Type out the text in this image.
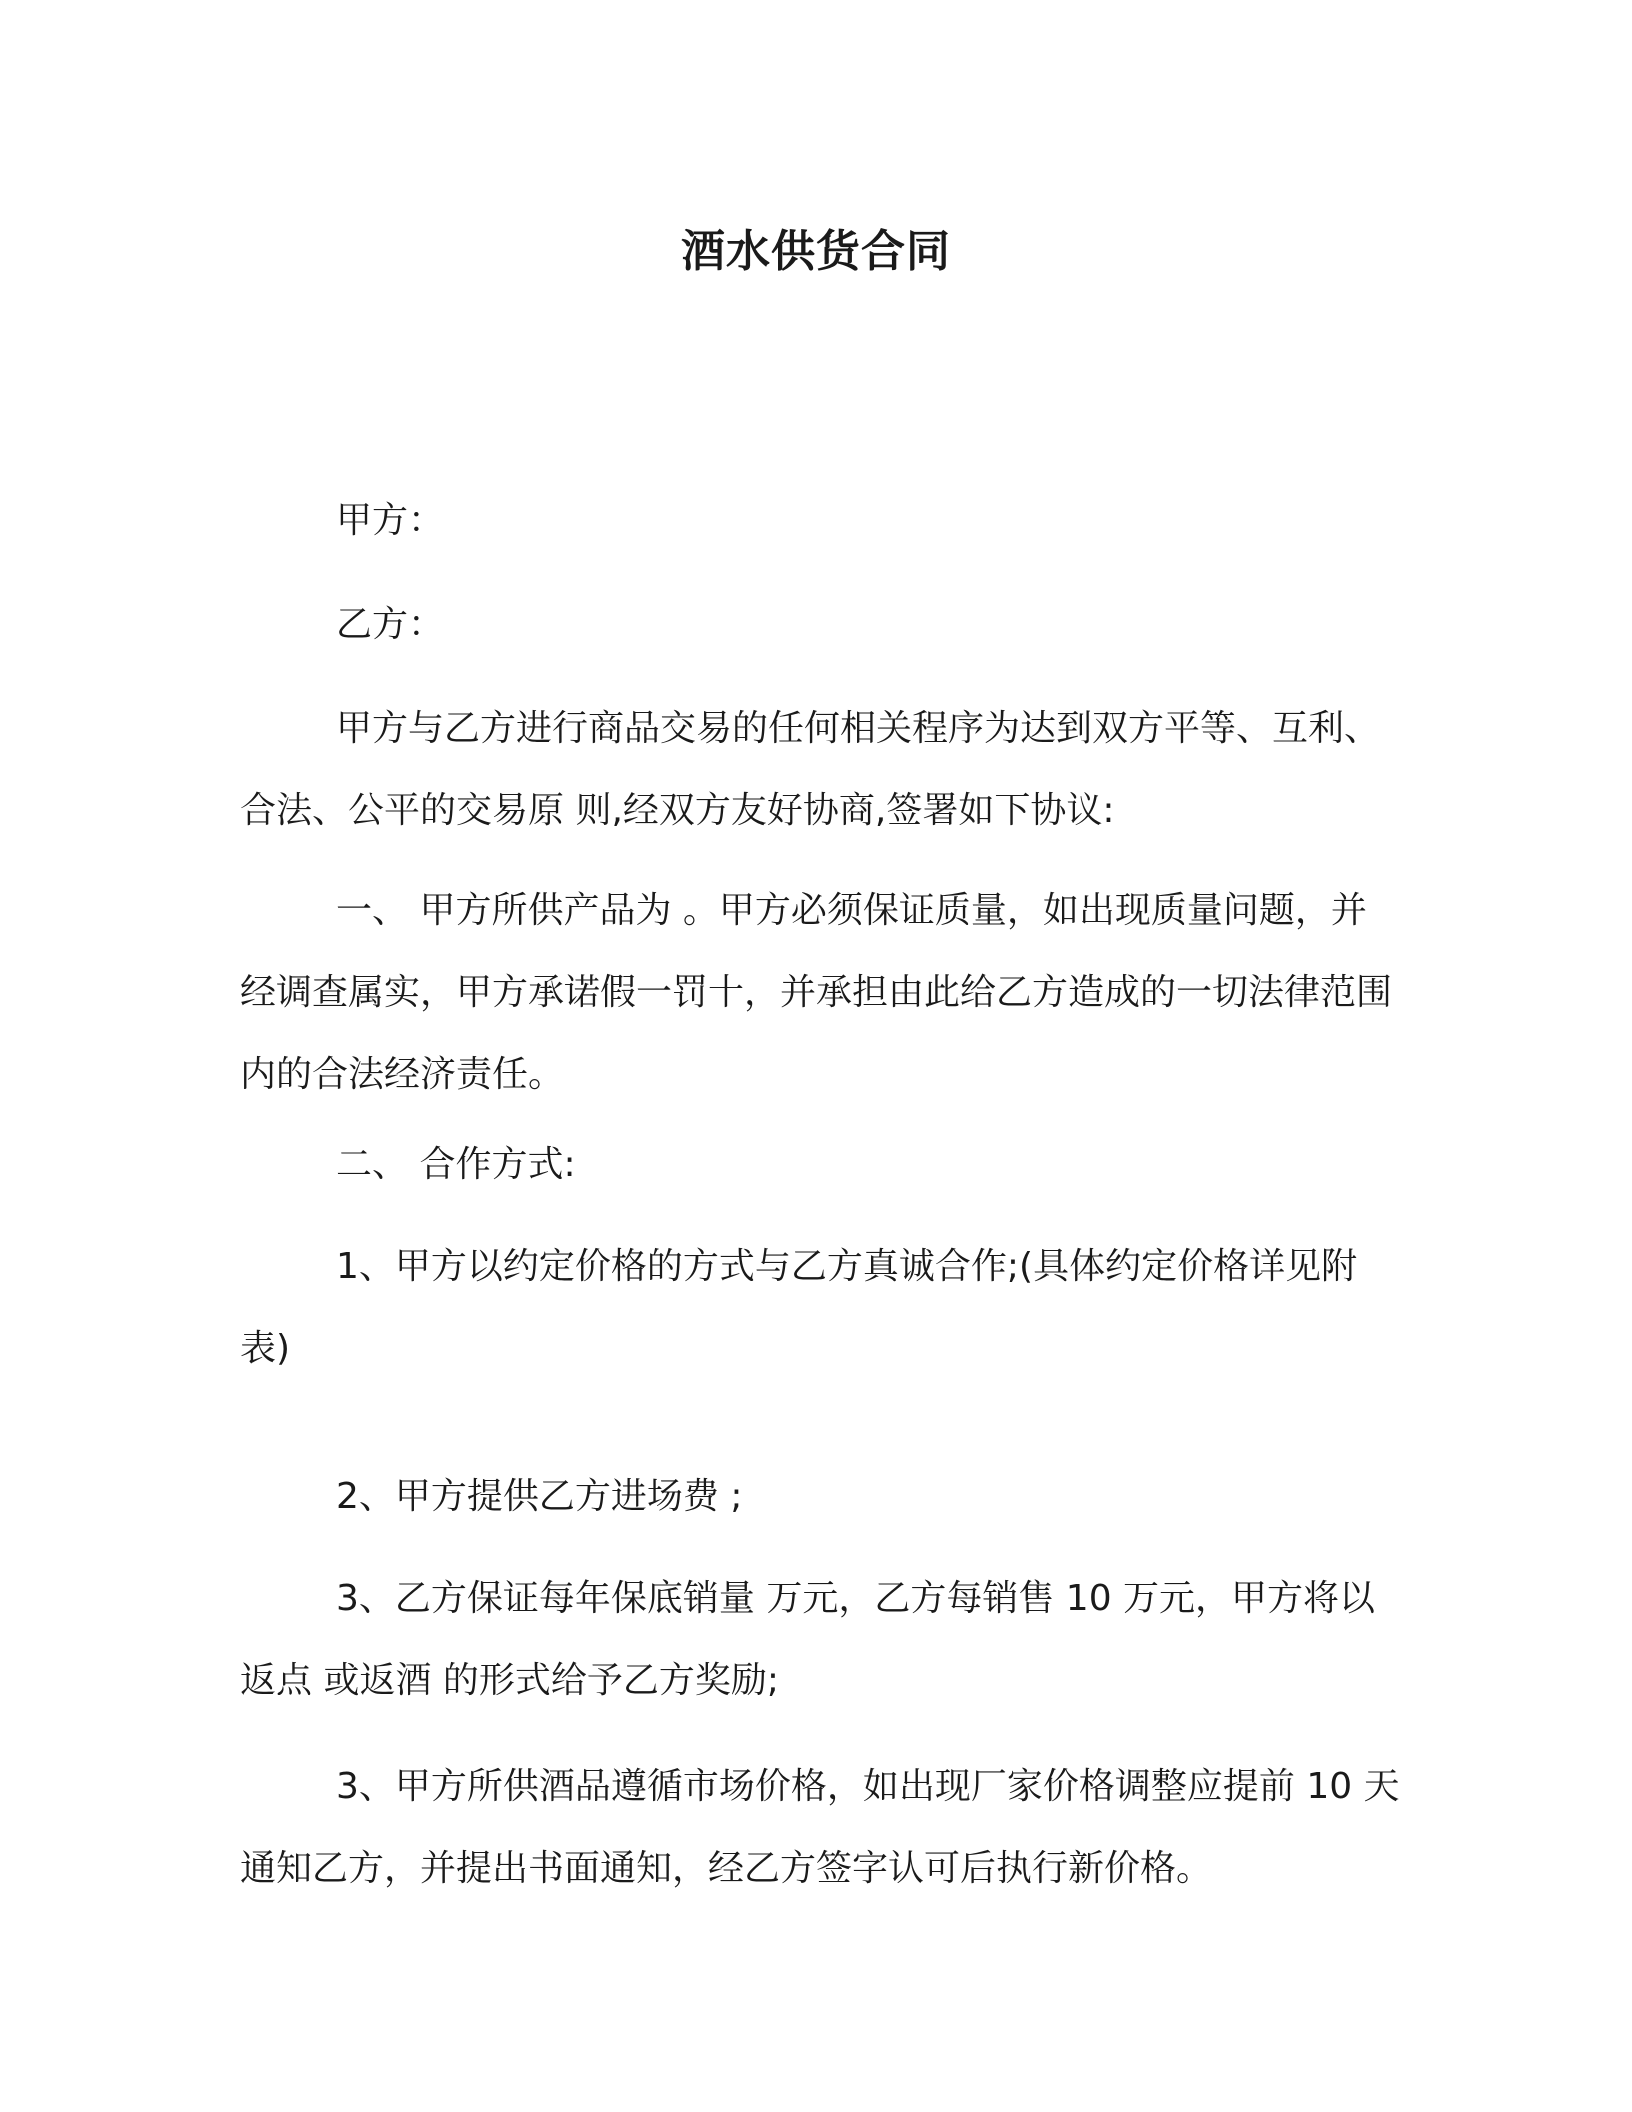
酒水供货合同

甲方：

乙方：

甲方与乙方进行商品交易的任何相关程序为达到双方平等、互利、合法、公平的交易原 则,经双方友好协商,签署如下协议:

一、 甲方所供产品为 。甲方必须保证质量，如出现质量问题，并经调查属实，甲方承诺假一罚十，并承担由此给乙方造成的一切法律范围内的合法经济责任。

二、 合作方式:

1、甲方以约定价格的方式与乙方真诚合作;(具体约定价格详见附表)

2、甲方提供乙方进场费 ;

3、乙方保证每年保底销量 万元，乙方每销售 10 万元，甲方将以返点 或返酒 的形式给予乙方奖励;

3、甲方所供酒品遵循市场价格，如出现厂家价格调整应提前 10 天通知乙方，并提出书面通知，经乙方签字认可后执行新价格。
